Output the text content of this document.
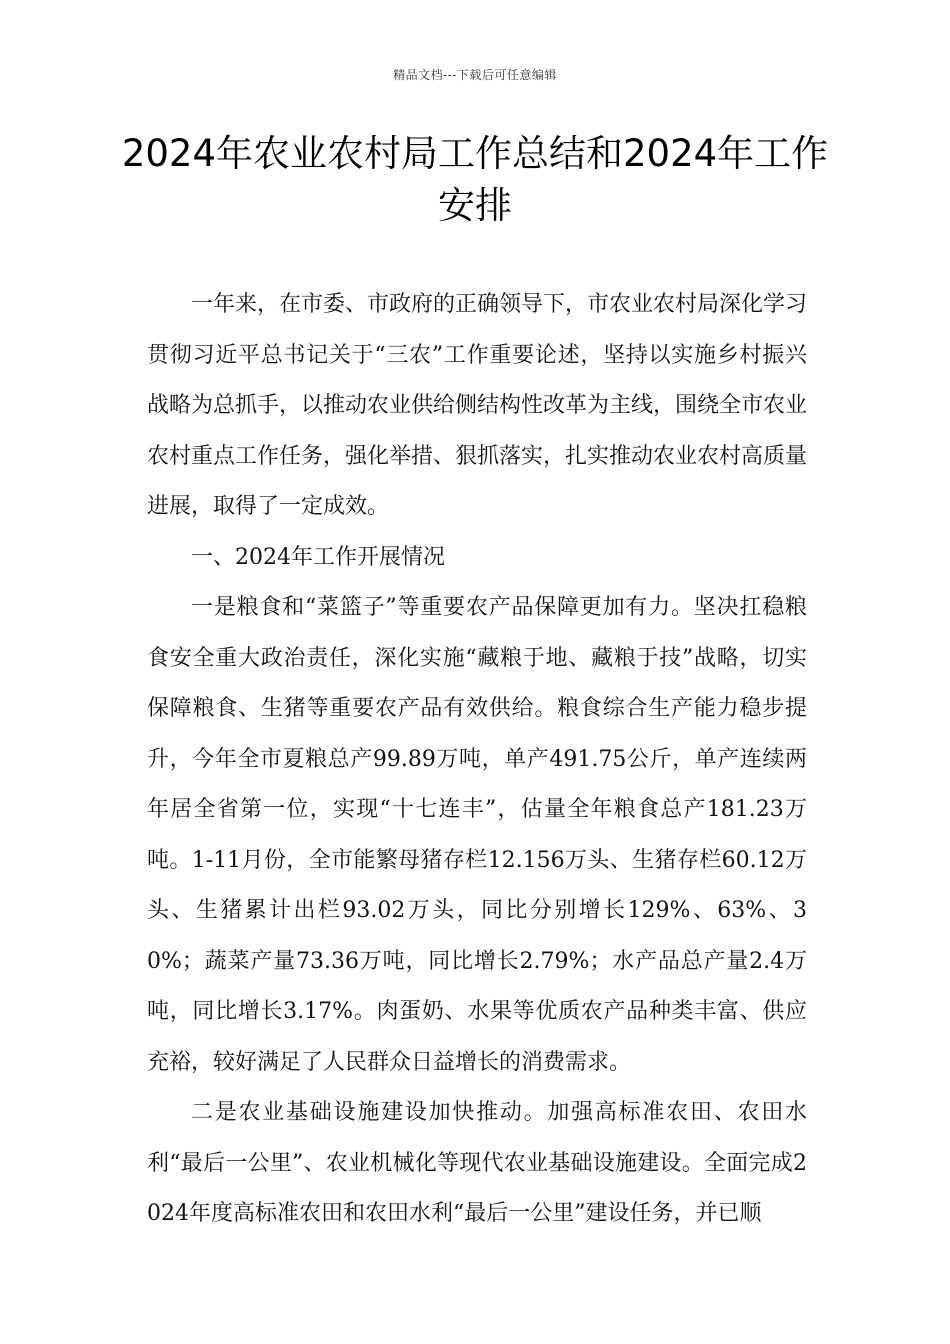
精品文档---下载后可任意编辑
2024年农业农村局工作总结和2024年工作安排

一年来，在市委、市政府的正确领导下，市农业农村局深化学习贯彻习近平总书记关于“三农”工作重要论述，坚持以实施乡村振兴战略为总抓手，以推动农业供给侧结构性改革为主线，围绕全市农业农村重点工作任务，强化举措、狠抓落实，扎实推动农业农村高质量进展，取得了一定成效。

一、2024年工作开展情况

一是粮食和“菜篮子”等重要农产品保障更加有力。坚决扛稳粮食安全重大政治责任，深化实施“藏粮于地、藏粮于技”战略，切实保障粮食、生猪等重要农产品有效供给。粮食综合生产能力稳步提升，今年全市夏粮总产99.89万吨，单产491.75公斤，单产连续两年居全省第一位，实现“十七连丰”，估量全年粮食总产181.23万吨。1-11月份，全市能繁母猪存栏12.156万头、生猪存栏60.12万头、生猪累计出栏93.02万头，同比分别增长129%、63%、30%；蔬菜产量73.36万吨，同比增长2.79%；水产品总产量2.4万吨，同比增长3.17%。肉蛋奶、水果等优质农产品种类丰富、供应充裕，较好满足了人民群众日益增长的消费需求。

二是农业基础设施建设加快推动。加强高标准农田、农田水利“最后一公里”、农业机械化等现代农业基础设施建设。全面完成2024年度高标准农田和农田水利“最后一公里”建设任务，并已顺
